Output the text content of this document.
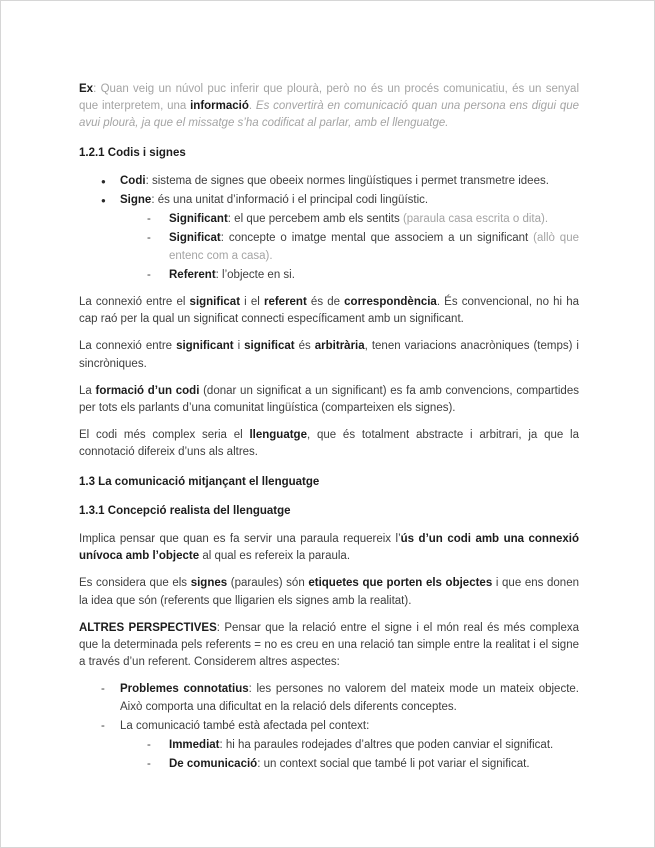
Ex: Quan veig un núvol puc inferir que plourà, però no és un procés comunicatiu, és un senyal que interpretem, una informació. Es convertirà en comunicació quan una persona ens digui que avui plourà, ja que el missatge s’ha codificat al parlar, amb el llenguatge.
1.2.1 Codis i signes
● Codi: sistema de signes que obeeix normes lingüístiques i permet transmetre idees.
● Signe: és una unitat d’informació i el principal codi lingüístic.
- Significant: el que percebem amb els sentits (paraula casa escrita o dita).
- Significat: concepte o imatge mental que associem a un significant (allò que entenc com a casa).
- Referent: l’objecte en si.
La connexió entre el significat i el referent és de correspondència. És convencional, no hi ha cap raó per la qual un significat connecti específicament amb un significant.
La connexió entre significant i significat és arbitrària, tenen variacions anacròniques (temps) i sincròniques.
La formació d’un codi (donar un significat a un significant) es fa amb convencions, compartides per tots els parlants d’una comunitat lingüística (comparteixen els signes).
El codi més complex seria el llenguatge, que és totalment abstracte i arbitrari, ja que la connotació difereix d’uns als altres.
1.3 La comunicació mitjançant el llenguatge
1.3.1 Concepció realista del llenguatge
Implica pensar que quan es fa servir una paraula requereix l’ús d’un codi amb una connexió unívoca amb l’objecte al qual es refereix la paraula.
Es considera que els signes (paraules) són etiquetes que porten els objectes i que ens donen la idea que són (referents que lligarien els signes amb la realitat).
ALTRES PERSPECTIVES: Pensar que la relació entre el signe i el món real és més complexa que la determinada pels referents = no es creu en una relació tan simple entre la realitat i el signe a través d’un referent. Considerem altres aspectes:
- Problemes connotatius: les persones no valorem del mateix mode un mateix objecte. Això comporta una dificultat en la relació dels diferents conceptes.
- La comunicació també està afectada pel context:
- Immediat: hi ha paraules rodejades d’altres que poden canviar el significat.
- De comunicació: un context social que també li pot variar el significat.
